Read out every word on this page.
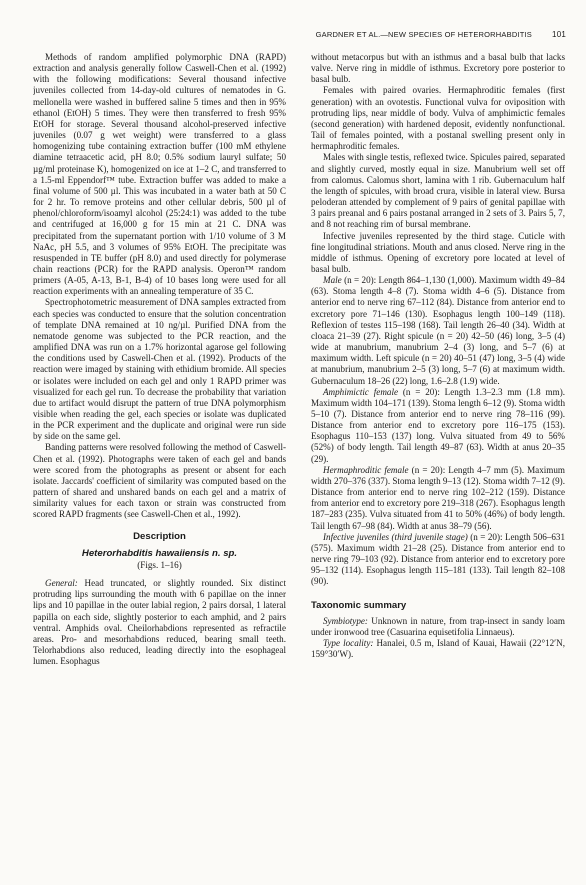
GARDNER ET AL.—NEW SPECIES OF HETERORHABDITIS	101

Methods of random amplified polymorphic DNA (RAPD) extraction and analysis generally follow Caswell-Chen et al. (1992) with the following modifications: Several thousand infective juveniles collected from 14-day-old cultures of nematodes in G. mellonella were washed in buffered saline 5 times and then in 95% ethanol (EtOH) 5 times. They were then transferred to fresh 95% EtOH for storage. Several thousand alcohol-preserved infective juveniles (0.07 g wet weight) were transferred to a glass homogenizing tube containing extraction buffer (100 mM ethylene diamine tetraacetic acid, pH 8.0; 0.5% sodium lauryl sulfate; 50 µg/ml proteinase K), homogenized on ice at 1–2 C, and transferred to a 1.5-ml Eppendorf™ tube. Extraction buffer was added to make a final volume of 500 µl. This was incubated in a water bath at 50 C for 2 hr. To remove proteins and other cellular debris, 500 µl of phenol/chloroform/isoamyl alcohol (25:24:1) was added to the tube and centrifuged at 16,000 g for 15 min at 21 C. DNA was precipitated from the supernatant portion with 1/10 volume of 3 M NaAc, pH 5.5, and 3 volumes of 95% EtOH. The precipitate was resuspended in TE buffer (pH 8.0) and used directly for polymerase chain reactions (PCR) for the RAPD analysis. Operon™ random primers (A-05, A-13, B-1, B-4) of 10 bases long were used for all reaction experiments with an annealing temperature of 35 C.

Spectrophotometric measurement of DNA samples extracted from each species was conducted to ensure that the solution concentration of template DNA remained at 10 ng/µl. Purified DNA from the nematode genome was subjected to the PCR reaction, and the amplified DNA was run on a 1.7% horizontal agarose gel following the conditions used by Caswell-Chen et al. (1992). Products of the reaction were imaged by staining with ethidium bromide. All species or isolates were included on each gel and only 1 RAPD primer was visualized for each gel run. To decrease the probability that variation due to artifact would disrupt the pattern of true DNA polymorphism visible when reading the gel, each species or isolate was duplicated in the PCR experiment and the duplicate and original were run side by side on the same gel.

Banding patterns were resolved following the method of Caswell-Chen et al. (1992). Photographs were taken of each gel and bands were scored from the photographs as present or absent for each isolate. Jaccards' coefficient of similarity was computed based on the pattern of shared and unshared bands on each gel and a matrix of similarity values for each taxon or strain was constructed from scored RAPD fragments (see Caswell-Chen et al., 1992).

Description
Heterorhabditis hawaiiensis n. sp.
(Figs. 1–16)

General: Head truncated, or slightly rounded. Six distinct protruding lips surrounding the mouth with 6 papillae on the inner lips and 10 papillae in the outer labial region, 2 pairs dorsal, 1 lateral papilla on each side, slightly posterior to each amphid, and 2 pairs ventral. Amphids oval. Cheilorhabdions represented as refractile areas. Pro- and mesorhabdions reduced, bearing small teeth. Telorhabdions also reduced, leading directly into the esophageal lumen. Esophagus

without metacorpus but with an isthmus and a basal bulb that lacks valve. Nerve ring in middle of isthmus. Excretory pore posterior to basal bulb.

Females with paired ovaries. Hermaphroditic females (first generation) with an ovotestis. Functional vulva for oviposition with protruding lips, near middle of body. Vulva of amphimictic females (second generation) with hardened deposit, evidently nonfunctional. Tail of females pointed, with a postanal swelling present only in hermaphroditic females.

Males with single testis, reflexed twice. Spicules paired, separated and slightly curved, mostly equal in size. Manubrium well set off from calomus. Calomus short, lamina with 1 rib. Gubernaculum half the length of spicules, with broad crura, visible in lateral view. Bursa peloderan attended by complement of 9 pairs of genital papillae with 3 pairs preanal and 6 pairs postanal arranged in 2 sets of 3. Pairs 5, 7, and 8 not reaching rim of bursal membrane.

Infective juveniles represented by the third stage. Cuticle with fine longitudinal striations. Mouth and anus closed. Nerve ring in the middle of isthmus. Opening of excretory pore located at level of basal bulb.

Male (n = 20): Length 864–1,130 (1,000). Maximum width 49–84 (63). Stoma length 4–8 (7). Stoma width 4–6 (5). Distance from anterior end to nerve ring 67–112 (84). Distance from anterior end to excretory pore 71–146 (130). Esophagus length 100–149 (118). Reflexion of testes 115–198 (168). Tail length 26–40 (34). Width at cloaca 21–39 (27). Right spicule (n = 20) 42–50 (46) long, 3–5 (4) wide at manubrium, manubrium 2–4 (3) long, and 5–7 (6) at maximum width. Left spicule (n = 20) 40–51 (47) long, 3–5 (4) wide at manubrium, manubrium 2–5 (3) long, 5–7 (6) at maximum width. Gubernaculum 18–26 (22) long, 1.6–2.8 (1.9) wide.

Amphimictic female (n = 20): Length 1.3–2.3 mm (1.8 mm). Maximum width 104–171 (139). Stoma length 6–12 (9). Stoma width 5–10 (7). Distance from anterior end to nerve ring 78–116 (99). Distance from anterior end to excretory pore 116–175 (153). Esophagus 110–153 (137) long. Vulva situated from 49 to 56% (52%) of body length. Tail length 49–87 (63). Width at anus 20–35 (29).

Hermaphroditic female (n = 20): Length 4–7 mm (5). Maximum width 270–376 (337). Stoma length 9–13 (12). Stoma width 7–12 (9). Distance from anterior end to nerve ring 102–212 (159). Distance from anterior end to excretory pore 219–318 (267). Esophagus length 187–283 (235). Vulva situated from 41 to 50% (46%) of body length. Tail length 67–98 (84). Width at anus 38–79 (56).

Infective juveniles (third juvenile stage) (n = 20): Length 506–631 (575). Maximum width 21–28 (25). Distance from anterior end to nerve ring 79–103 (92). Distance from anterior end to excretory pore 95–132 (114). Esophagus length 115–181 (133). Tail length 82–108 (90).

Taxonomic summary

Symbiotype: Unknown in nature, from trap-insect in sandy loam under ironwood tree (Casuarina equisetifolia Linnaeus).

Type locality: Hanalei, 0.5 m, Island of Kauai, Hawaii (22°12′N, 159°30′W).
